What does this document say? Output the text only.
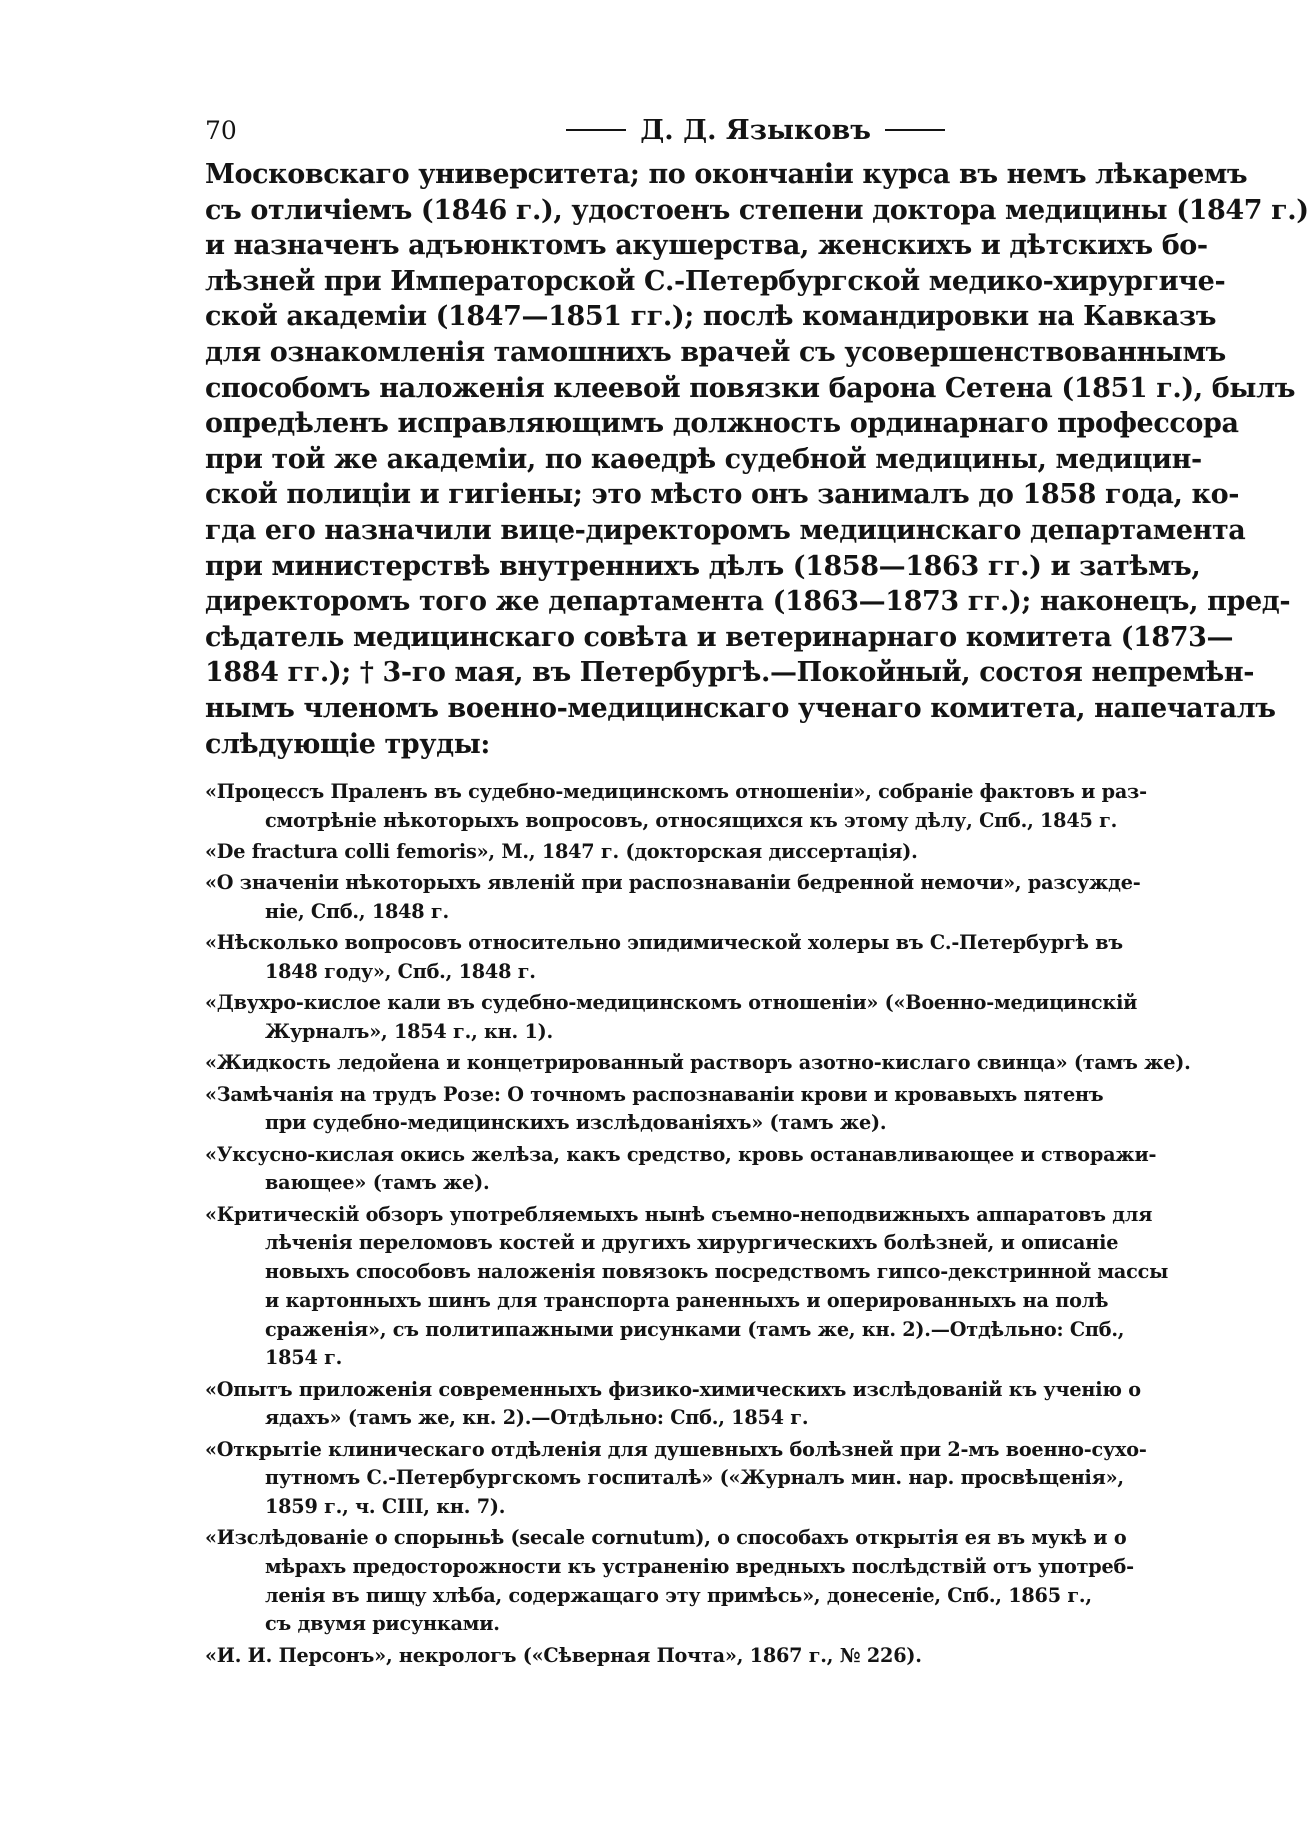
70	Д. Д. Языковъ
Московскаго университета; по окончаніи курса въ немъ лѣкаремъ
съ отличіемъ (1846 г.), удостоенъ степени доктора медицины (1847 г.)
и назначенъ адъюнктомъ акушерства, женскихъ и дѣтскихъ бо-
лѣзней при Императорской С.-Петербургской медико-хирургиче-
ской академіи (1847—1851 гг.); послѣ командировки на Кавказъ
для ознакомленія тамошнихъ врачей съ усовершенствованнымъ
способомъ наложенія клеевой повязки барона Сетена (1851 г.), былъ
опредѣленъ исправляющимъ должность ординарнаго профессора
при той же академіи, по каѳедрѣ судебной медицины, медицин-
ской полиціи и гигіены; это мѣсто онъ занималъ до 1858 года, ко-
гда его назначили вице-директоромъ медицинскаго департамента
при министерствѣ внутреннихъ дѣлъ (1858—1863 гг.) и затѣмъ,
директоромъ того же департамента (1863—1873 гг.); наконецъ, пред-
сѣдатель медицинскаго совѣта и ветеринарнаго комитета (1873—
1884 гг.); † 3-го мая, въ Петербургѣ.—Покойный, состоя непремѣн-
нымъ членомъ военно-медицинскаго ученаго комитета, напечаталъ
слѣдующіе труды:
«Процессъ Праленъ въ судебно-медицинскомъ отношеніи», собраніе фактовъ и раз-
смотрѣніе нѣкоторыхъ вопросовъ, относящихся къ этому дѣлу, Спб., 1845 г.
«De fractura colli femoris», М., 1847 г. (докторская диссертація).
«О значеніи нѣкоторыхъ явленій при распознаваніи бедренной немочи», разсужде-
ніе, Спб., 1848 г.
«Нѣсколько вопросовъ относительно эпидимической холеры въ С.-Петербургѣ въ
1848 году», Спб., 1848 г.
«Двухро-кислое кали въ судебно-медицинскомъ отношеніи» («Военно-медицинскій
Журналъ», 1854 г., кн. 1).
«Жидкость ледойена и концетрированный растворъ азотно-кислаго свинца» (тамъ же).
«Замѣчанія на трудъ Розе: О точномъ распознаваніи крови и кровавыхъ пятенъ
при судебно-медицинскихъ изслѣдованіяхъ» (тамъ же).
«Уксусно-кислая окись желѣза, какъ средство, кровь останавливающее и створажи-
вающее» (тамъ же).
«Критическій обзоръ употребляемыхъ нынѣ съемно-неподвижныхъ аппаратовъ для
лѣченія переломовъ костей и другихъ хирургическихъ болѣзней, и описаніе
новыхъ способовъ наложенія повязокъ посредствомъ гипсо-декстринной массы
и картонныхъ шинъ для транспорта раненныхъ и оперированныхъ на полѣ
сраженія», съ политипажными рисунками (тамъ же, кн. 2).—Отдѣльно: Спб.,
1854 г.
«Опытъ приложенія современныхъ физико-химическихъ изслѣдованій къ ученію о
ядахъ» (тамъ же, кн. 2).—Отдѣльно: Спб., 1854 г.
«Открытіе клиническаго отдѣленія для душевныхъ болѣзней при 2-мъ военно-сухо-
путномъ С.-Петербургскомъ госпиталѣ» («Журналъ мин. нар. просвѣщенія»,
1859 г., ч. CIII, кн. 7).
«Изслѣдованіе о спорыньѣ (secale cornutum), о способахъ открытія ея въ мукѣ и о
мѣрахъ предосторожности къ устраненію вредныхъ послѣдствій отъ употреб-
ленія въ пищу хлѣба, содержащаго эту примѣсь», донесеніе, Спб., 1865 г.,
съ двумя рисунками.
«И. И. Персонъ», некрологъ («Сѣверная Почта», 1867 г., № 226).
